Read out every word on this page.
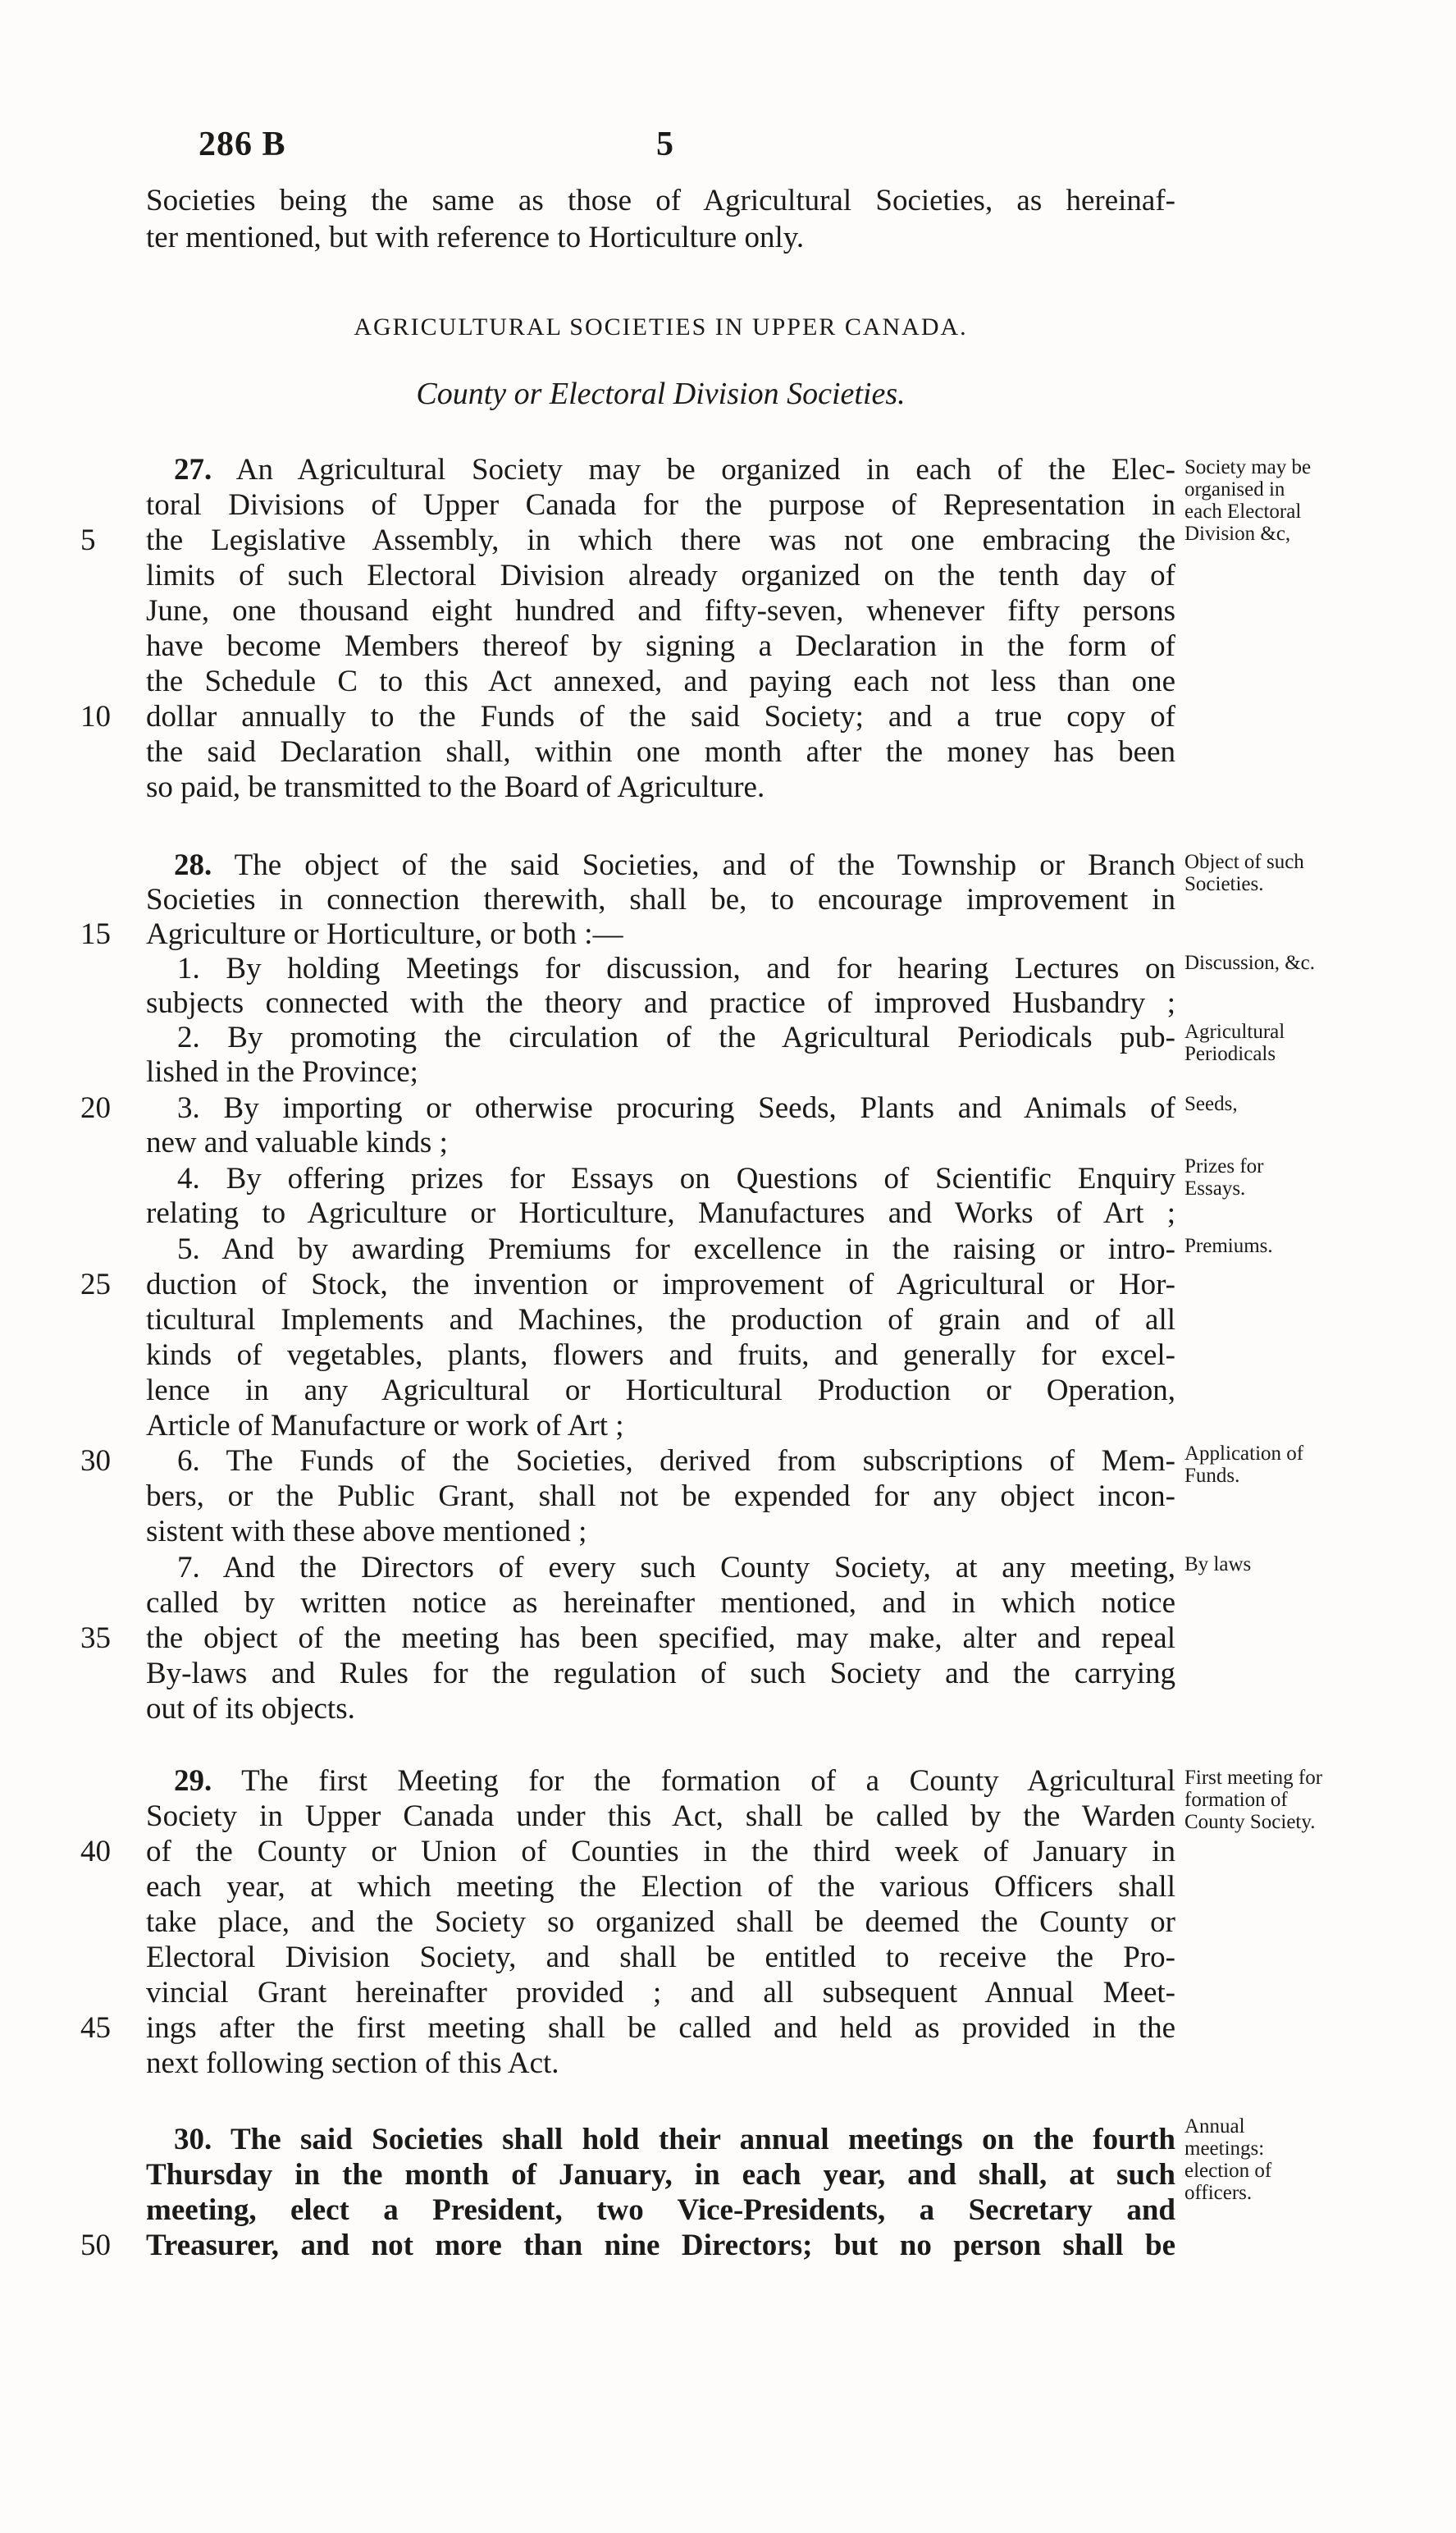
286 B	5
Societies being the same as those of Agricultural Societies, as hereinaf-
ter mentioned, but with reference to Horticulture only.
AGRICULTURAL SOCIETIES IN UPPER CANADA.
County or Electoral Division Societies.
27. An Agricultural Society may be organized in each of the Elec-
toral Divisions of Upper Canada for the purpose of Representation in
the Legislative Assembly, in which there was not one embracing the
limits of such Electoral Division already organized on the tenth day of
June, one thousand eight hundred and fifty-seven, whenever fifty persons
have become Members thereof by signing a Declaration in the form of
the Schedule C to this Act annexed, and paying each not less than one
dollar annually to the Funds of the said Society; and a true copy of
the said Declaration shall, within one month after the money has been
so paid, be transmitted to the Board of Agriculture.
Society may be organised in each Electoral Division &c,
28. The object of the said Societies, and of the Township or Branch
Societies in connection therewith, shall be, to encourage improvement in
Agriculture or Horticulture, or both :—
1. By holding Meetings for discussion, and for hearing Lectures on
subjects connected with the theory and practice of improved Husbandry ;
2. By promoting the circulation of the Agricultural Periodicals pub-
lished in the Province;
3. By importing or otherwise procuring Seeds, Plants and Animals of
new and valuable kinds ;
4. By offering prizes for Essays on Questions of Scientific Enquiry
relating to Agriculture or Horticulture, Manufactures and Works of Art ;
5. And by awarding Premiums for excellence in the raising or intro-
duction of Stock, the invention or improvement of Agricultural or Hor-
ticultural Implements and Machines, the production of grain and of all
kinds of vegetables, plants, flowers and fruits, and generally for excel-
lence in any Agricultural or Horticultural Production or Operation,
Article of Manufacture or work of Art ;
6. The Funds of the Societies, derived from subscriptions of Mem-
bers, or the Public Grant, shall not be expended for any object incon-
sistent with these above mentioned ;
7. And the Directors of every such County Society, at any meeting,
called by written notice as hereinafter mentioned, and in which notice
the object of the meeting has been specified, may make, alter and repeal
By-laws and Rules for the regulation of such Society and the carrying
out of its objects.
Object of such Societies.
Discussion, &c.
Agricultural Periodicals
Seeds,
Prizes for Essays.
Premiums.
Application of Funds.
By laws
29. The first Meeting for the formation of a County Agricultural
Society in Upper Canada under this Act, shall be called by the Warden
of the County or Union of Counties in the third week of January in
each year, at which meeting the Election of the various Officers shall
take place, and the Society so organized shall be deemed the County or
Electoral Division Society, and shall be entitled to receive the Pro-
vincial Grant hereinafter provided ; and all subsequent Annual Meet-
ings after the first meeting shall be called and held as provided in the
next following section of this Act.
First meeting for formation of County Society.
30. The said Societies shall hold their annual meetings on the fourth
Thursday in the month of January, in each year, and shall, at such
meeting, elect a President, two Vice-Presidents, a Secretary and
Treasurer, and not more than nine Directors; but no person shall be
Annual meetings: election of officers.
5
10
15
20
25
30
35
40
45
50
